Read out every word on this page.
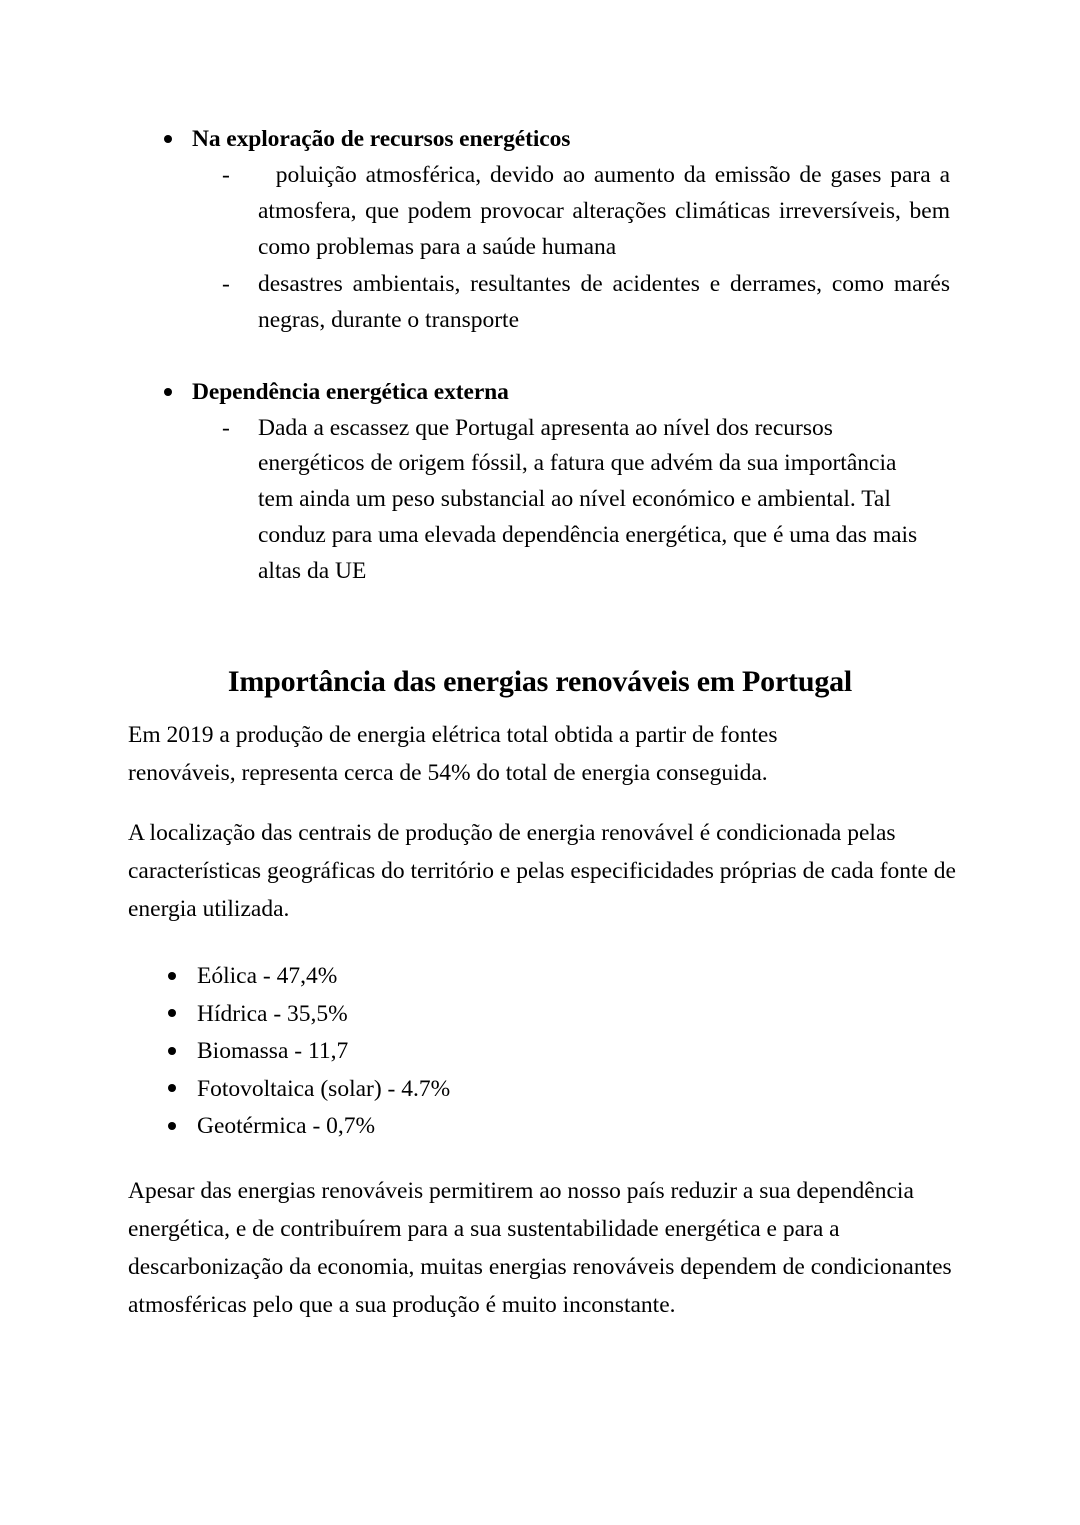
Na exploração de recursos energéticos
-	poluição atmosférica, devido ao aumento da emissão de gases para a atmosfera, que podem provocar alterações climáticas irreversíveis, bem como problemas para a saúde humana
- desastres ambientais, resultantes de acidentes e derrames, como marés negras, durante o transporte
Dependência energética externa
- Dada a escassez que Portugal apresenta ao nível dos recursos energéticos de origem fóssil, a fatura que advém da sua importância tem ainda um peso substancial ao nível económico e ambiental. Tal conduz para uma elevada dependência energética, que é uma das mais altas da UE
Importância das energias renováveis em Portugal

Em 2019 a produção de energia elétrica total obtida a partir de fontes renováveis, representa cerca de 54% do total de energia conseguida.

A localização das centrais de produção de energia renovável é condicionada pelas características geográficas do território e pelas especificidades próprias de cada fonte de energia utilizada.

Eólica - 47,4%
Hídrica - 35,5%
Biomassa - 11,7
Fotovoltaica (solar) - 4.7%
Geotérmica - 0,7%

Apesar das energias renováveis permitirem ao nosso país reduzir a sua dependência energética, e de contribuírem para a sua sustentabilidade energética e para a descarbonização da economia, muitas energias renováveis dependem de condicionantes atmosféricas pelo que a sua produção é muito inconstante.
